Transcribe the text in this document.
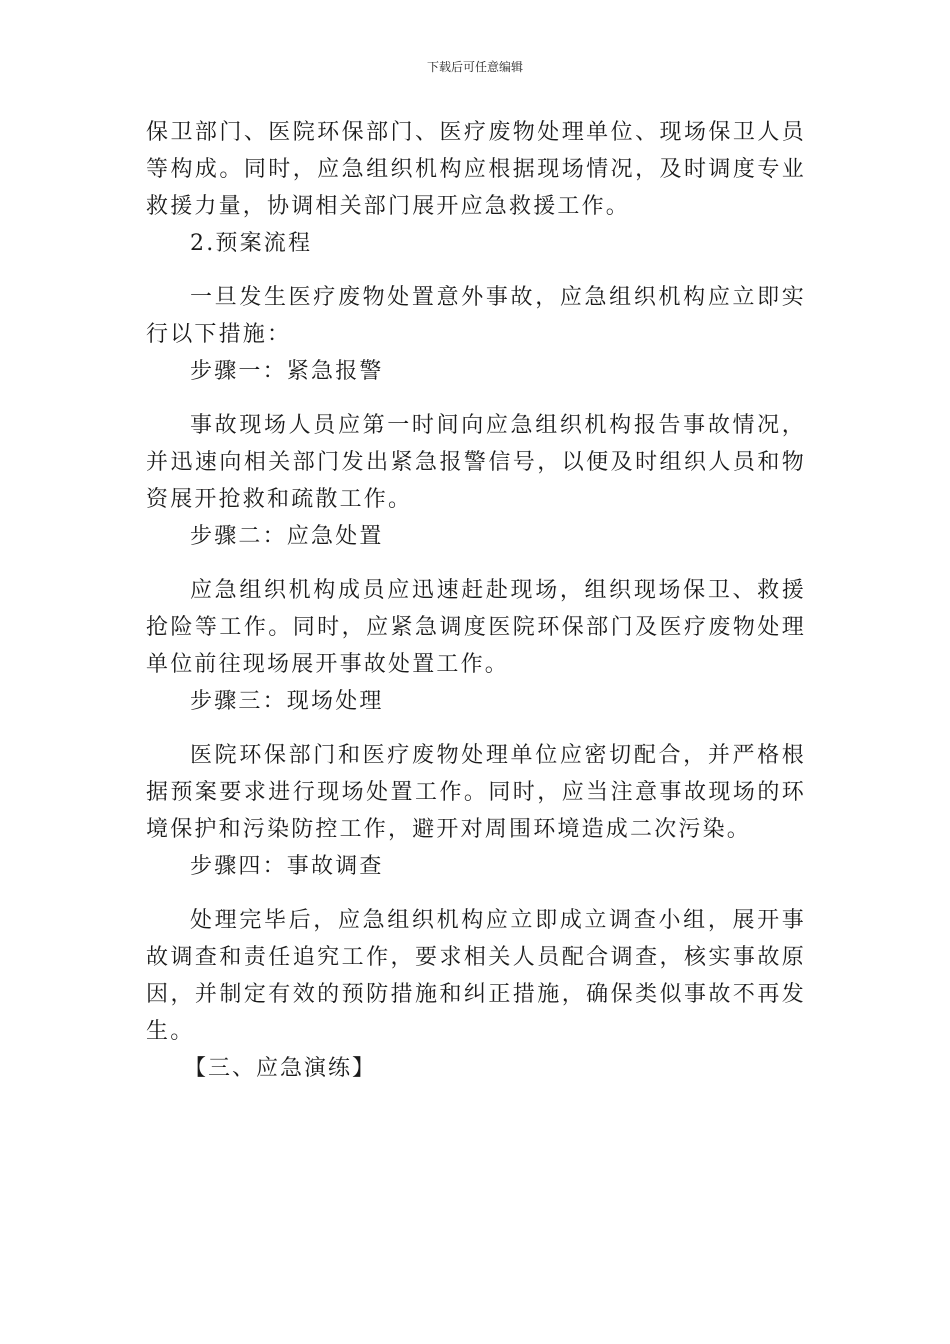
下载后可任意编辑

保卫部门、医院环保部门、医疗废物处理单位、现场保卫人员等构成。同时，应急组织机构应根据现场情况，及时调度专业救援力量，协调相关部门展开应急救援工作。

2.预案流程

一旦发生医疗废物处置意外事故，应急组织机构应立即实行以下措施：

步骤一：紧急报警

事故现场人员应第一时间向应急组织机构报告事故情况，并迅速向相关部门发出紧急报警信号，以便及时组织人员和物资展开抢救和疏散工作。

步骤二：应急处置

应急组织机构成员应迅速赶赴现场，组织现场保卫、救援抢险等工作。同时，应紧急调度医院环保部门及医疗废物处理单位前往现场展开事故处置工作。

步骤三：现场处理

医院环保部门和医疗废物处理单位应密切配合，并严格根据预案要求进行现场处置工作。同时，应当注意事故现场的环境保护和污染防控工作，避开对周围环境造成二次污染。

步骤四：事故调查

处理完毕后，应急组织机构应立即成立调查小组，展开事故调查和责任追究工作，要求相关人员配合调查，核实事故原因，并制定有效的预防措施和纠正措施，确保类似事故不再发生。

【三、应急演练】
